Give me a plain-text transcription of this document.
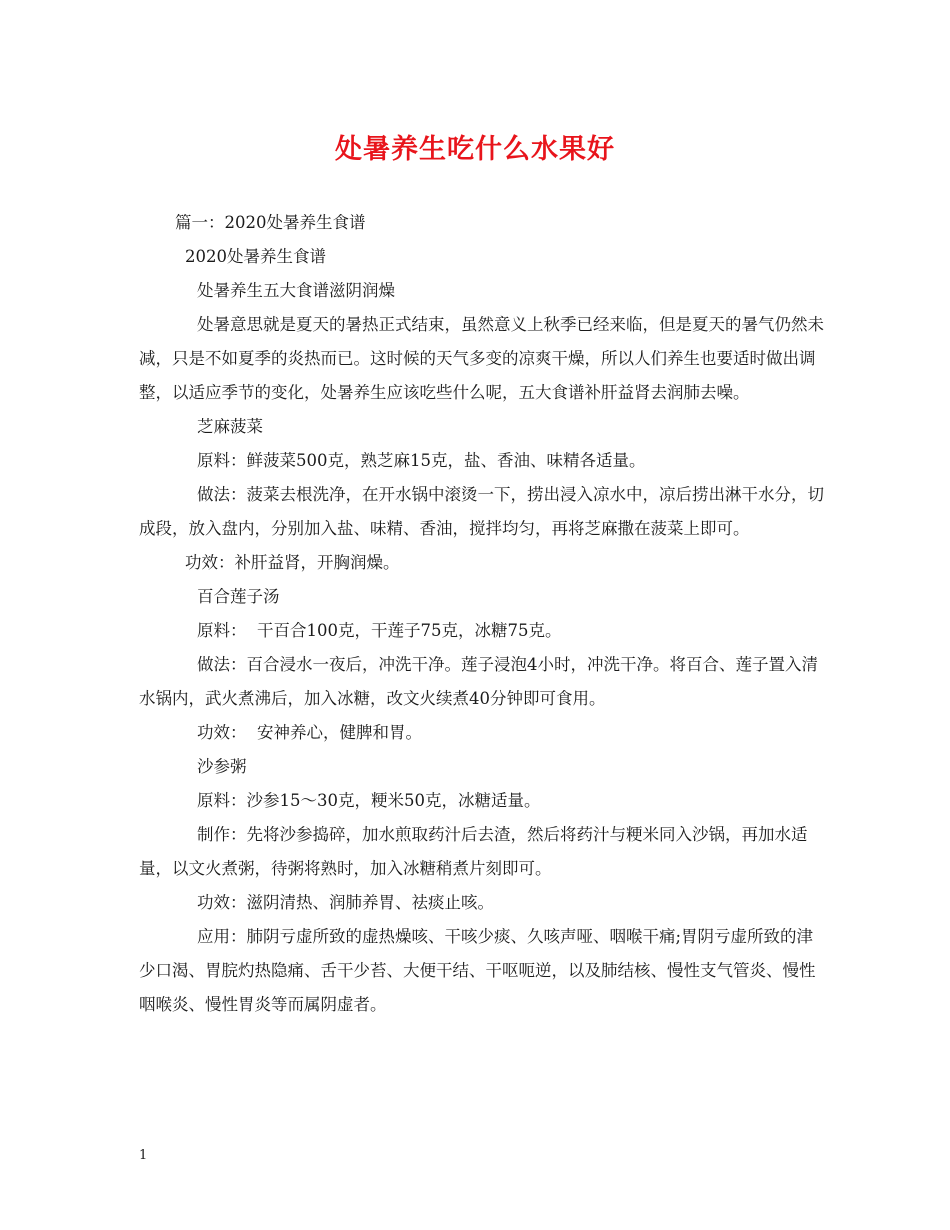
处暑养生吃什么水果好

篇一：2020处暑养生食谱

2020处暑养生食谱

处暑养生五大食谱滋阴润燥

处暑意思就是夏天的暑热正式结束，虽然意义上秋季已经来临，但是夏天的暑气仍然未减，只是不如夏季的炎热而已。这时候的天气多变的凉爽干燥，所以人们养生也要适时做出调整，以适应季节的变化，处暑养生应该吃些什么呢，五大食谱补肝益肾去润肺去噪。

芝麻菠菜

原料：鲜菠菜500克，熟芝麻15克，盐、香油、味精各适量。

做法：菠菜去根洗净，在开水锅中滚烫一下，捞出浸入凉水中，凉后捞出淋干水分，切成段，放入盘内，分别加入盐、味精、香油，搅拌均匀，再将芝麻撒在菠菜上即可。

功效：补肝益肾，开胸润燥。

百合莲子汤

原料：  干百合100克，干莲子75克，冰糖75克。

做法：百合浸水一夜后，冲洗干净。莲子浸泡4小时，冲洗干净。将百合、莲子置入清水锅内，武火煮沸后，加入冰糖，改文火续煮40分钟即可食用。

功效：  安神养心，健脾和胃。

沙参粥

原料：沙参15～30克，粳米50克，冰糖适量。

制作：先将沙参捣碎，加水煎取药汁后去渣，然后将药汁与粳米同入沙锅，再加水适量，以文火煮粥，待粥将熟时，加入冰糖稍煮片刻即可。

功效：滋阴清热、润肺养胃、祛痰止咳。

应用：肺阴亏虚所致的虚热燥咳、干咳少痰、久咳声哑、咽喉干痛;胃阴亏虚所致的津少口渴、胃脘灼热隐痛、舌干少苔、大便干结、干呕呃逆，以及肺结核、慢性支气管炎、慢性咽喉炎、慢性胃炎等而属阴虚者。

1
